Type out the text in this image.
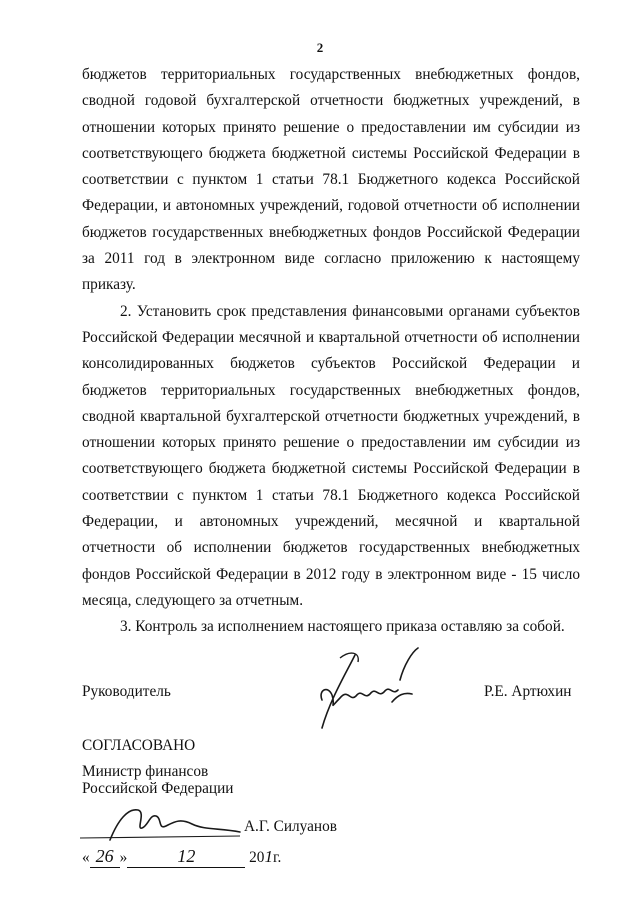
2

бюджетов территориальных государственных внебюджетных фондов, сводной годовой бухгалтерской отчетности бюджетных учреждений, в отношении которых принято решение о предоставлении им субсидии из соответствующего бюджета бюджетной системы Российской Федерации в соответствии с пунктом 1 статьи 78.1 Бюджетного кодекса Российской Федерации, и автономных учреждений, годовой отчетности об исполнении бюджетов государственных внебюджетных фондов Российской Федерации за 2011 год в электронном виде согласно приложению к настоящему приказу.

2. Установить срок представления финансовыми органами субъектов Российской Федерации месячной и квартальной отчетности об исполнении консолидированных бюджетов субъектов Российской Федерации и бюджетов территориальных государственных внебюджетных фондов, сводной квартальной бухгалтерской отчетности бюджетных учреждений, в отношении которых принято решение о предоставлении им субсидии из соответствующего бюджета бюджетной системы Российской Федерации в соответствии с пунктом 1 статьи 78.1 Бюджетного кодекса Российской Федерации, и автономных учреждений, месячной и квартальной отчетности об исполнении бюджетов государственных внебюджетных фондов Российской Федерации в 2012 году в электронном виде - 15 число месяца, следующего за отчетным.

3. Контроль за исполнением настоящего приказа оставляю за собой.

Руководитель	Р.Е. Артюхин
СОГЛАСОВАНО
Министр финансов
Российской Федерации
А.Г. Силуанов
« 26 »	12	201г.
